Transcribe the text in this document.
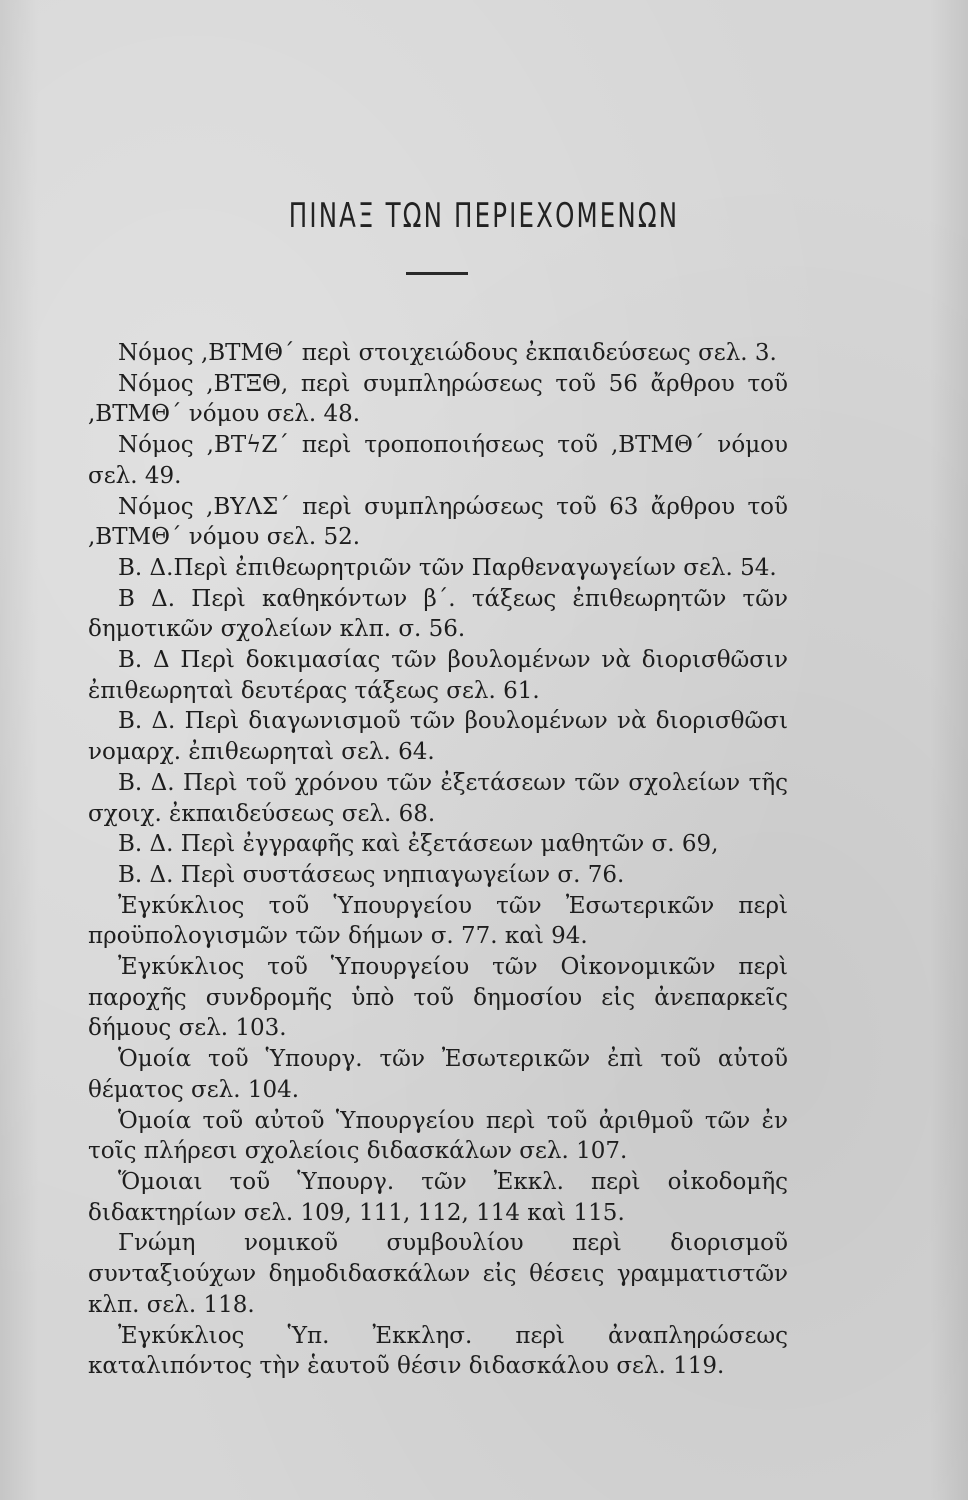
ΠΙΝΑΞ ΤΩΝ ΠΕΡΙΕΧΟΜΕΝΩΝ

Νόμος ,ΒΤΜΘ΄ περὶ στοιχειώδους ἐκπαιδεύσεως σελ. 3.

Νόμος ,ΒΤΞΘ, περὶ συμπληρώσεως τοῦ 56 ἄρθρου τοῦ ,ΒΤΜΘ΄ νόμου σελ. 48.

Νόμος ,ΒΤϟΖ΄ περὶ τροποποιήσεως τοῦ ,ΒΤΜΘ΄ νόμου σελ. 49.

Νόμος ,ΒΥΛΣ΄ περὶ συμπληρώσεως τοῦ 63 ἄρθρου τοῦ ,ΒΤΜΘ΄ νόμου σελ. 52.

Β. Δ.Περὶ ἐπιθεωρητριῶν τῶν Παρθεναγωγείων σελ. 54.

Β Δ. Περὶ καθηκόντων β΄. τάξεως ἐπιθεωρητῶν τῶν δημοτικῶν σχολείων κλπ. σ. 56.

Β. Δ Περὶ δοκιμασίας τῶν βουλομένων νὰ διορισθῶσιν ἐπιθεωρηταὶ δευτέρας τάξεως σελ. 61.

Β. Δ. Περὶ διαγωνισμοῦ τῶν βουλομένων νὰ διορισθῶσι νομαρχ. ἐπιθεωρηταὶ σελ. 64.

Β. Δ. Περὶ τοῦ χρόνου τῶν ἐξετάσεων τῶν σχολείων τῆς σχοιχ. ἐκπαιδεύσεως σελ. 68.

Β. Δ. Περὶ ἐγγραφῆς καὶ ἐξετάσεων μαθητῶν σ. 69,

Β. Δ. Περὶ συστάσεως νηπιαγωγείων σ. 76.

Ἐγκύκλιος τοῦ Ὑπουργείου τῶν Ἐσωτερικῶν περὶ προϋπολογισμῶν τῶν δήμων σ. 77. καὶ 94.

Ἐγκύκλιος τοῦ Ὑπουργείου τῶν Οἰκονομικῶν περὶ παροχῆς συνδρομῆς ὑπὸ τοῦ δημοσίου εἰς ἀνεπαρκεῖς δήμους σελ. 103.

Ὁμοία τοῦ Ὑπουργ. τῶν Ἐσωτερικῶν ἐπὶ τοῦ αὐτοῦ θέματος σελ. 104.

Ὁμοία τοῦ αὐτοῦ Ὑπουργείου περὶ τοῦ ἀριθμοῦ τῶν ἐν τοῖς πλήρεσι σχολείοις διδασκάλων σελ. 107.

Ὅμοιαι τοῦ Ὑπουργ. τῶν Ἐκκλ. περὶ οἰκοδομῆς διδακτηρίων σελ. 109, 111, 112, 114 καὶ 115.

Γνώμη νομικοῦ συμβουλίου περὶ διορισμοῦ συνταξιούχων δημοδιδασκάλων εἰς θέσεις γραμματιστῶν κλπ. σελ. 118.

Ἐγκύκλιος Ὑπ. Ἐκκλησ. περὶ ἀναπληρώσεως καταλιπόντος τὴν ἑαυτοῦ θέσιν διδασκάλου σελ. 119.
